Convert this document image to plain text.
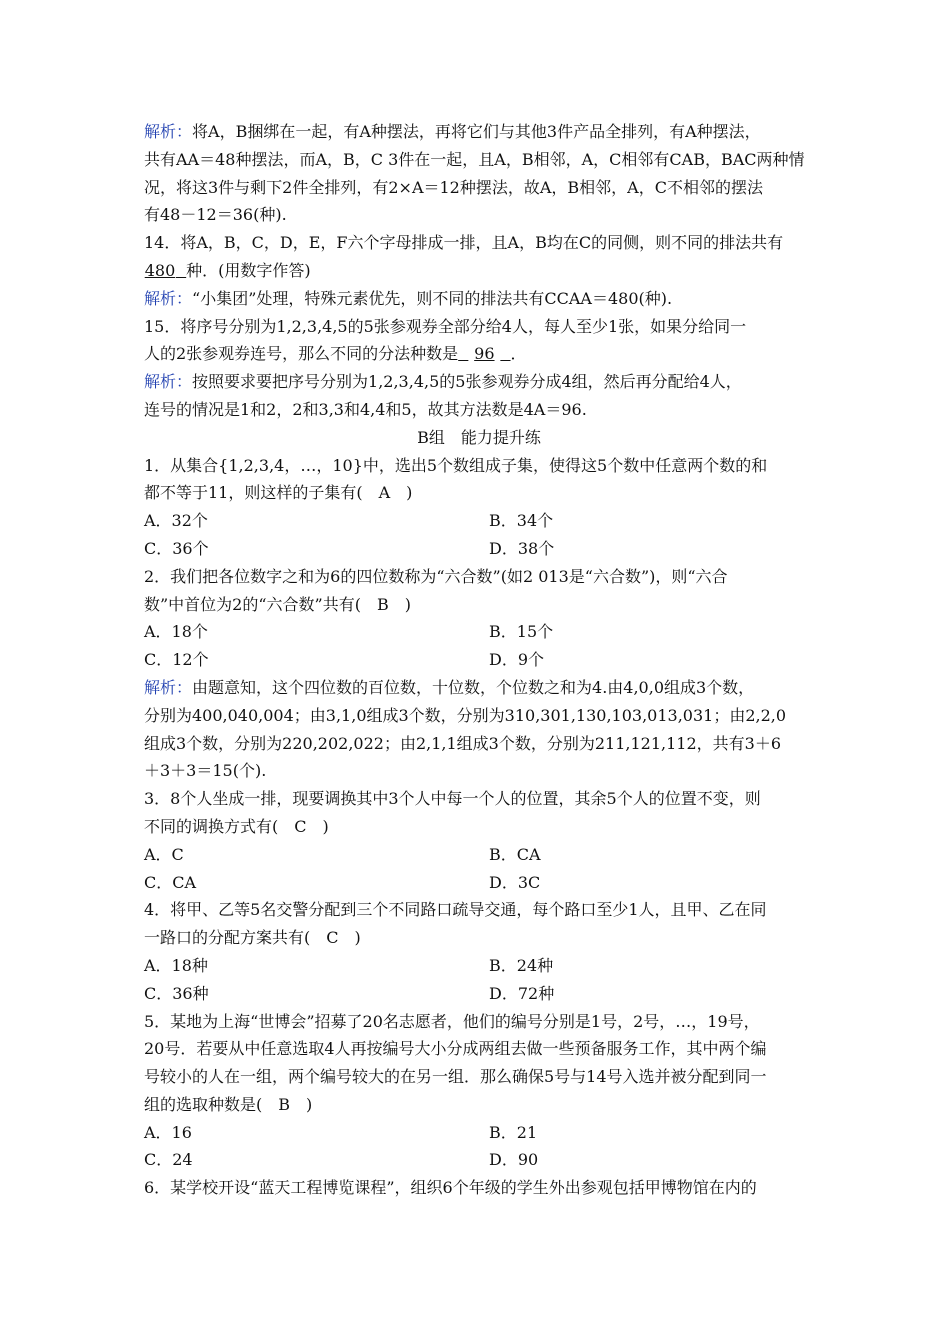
解析：将A，B捆绑在一起，有A种摆法，再将它们与其他3件产品全排列，有A种摆法，

共有AA＝48种摆法，而A，B，C 3件在一起，且A，B相邻，A，C相邻有CAB，BAC两种情

况，将这3件与剩下2件全排列，有2×A＝12种摆法，故A，B相邻，A，C不相邻的摆法

有48－12＝36(种).

14．将A，B，C，D，E，F六个字母排成一排，且A，B均在C的同侧，则不同的排法共有

480 种．(用数字作答)

解析：“小集团”处理，特殊元素优先，则不同的排法共有CCAA＝480(种).

15．将序号分别为1,2,3,4,5的5张参观券全部分给4人，每人至少1张，如果分给同一

人的2张参观券连号，那么不同的分法种数是 96 ．

解析：按照要求要把序号分别为1,2,3,4,5的5张参观券分成4组，然后再分配给4人，

连号的情况是1和2，2和3,3和4,4和5，故其方法数是4A＝96.

B组　能力提升练

1．从集合{1,2,3,4，…，10}中，选出5个数组成子集，使得这5个数中任意两个数的和

都不等于11，则这样的子集有(　A　)

A．32个	B．34个
C．36个	D．38个

2．我们把各位数字之和为6的四位数称为“六合数”(如2 013是“六合数”)，则“六合

数”中首位为2的“六合数”共有(　B　)

A．18个	B．15个
C．12个	D．9个

解析：由题意知，这个四位数的百位数，十位数，个位数之和为4.由4,0,0组成3个数，

分别为400,040,004；由3,1,0组成3个数，分别为310,301,130,103,013,031；由2,2,0

组成3个数，分别为220,202,022；由2,1,1组成3个数，分别为211,121,112，共有3＋6

＋3＋3＝15(个).

3．8个人坐成一排，现要调换其中3个人中每一个人的位置，其余5个人的位置不变，则

不同的调换方式有(　C　)

A．C	B．CA
C．CA	D．3C

4．将甲、乙等5名交警分配到三个不同路口疏导交通，每个路口至少1人，且甲、乙在同

一路口的分配方案共有(　C　)

A．18种	B．24种
C．36种	D．72种

5．某地为上海“世博会”招募了20名志愿者，他们的编号分别是1号，2号，…，19号，

20号．若要从中任意选取4人再按编号大小分成两组去做一些预备服务工作，其中两个编

号较小的人在一组，两个编号较大的在另一组．那么确保5号与14号入选并被分配到同一

组的选取种数是(　B　)

A．16	B．21
C．24	D．90

6．某学校开设“蓝天工程博览课程”，组织6个年级的学生外出参观包括甲博物馆在内的
